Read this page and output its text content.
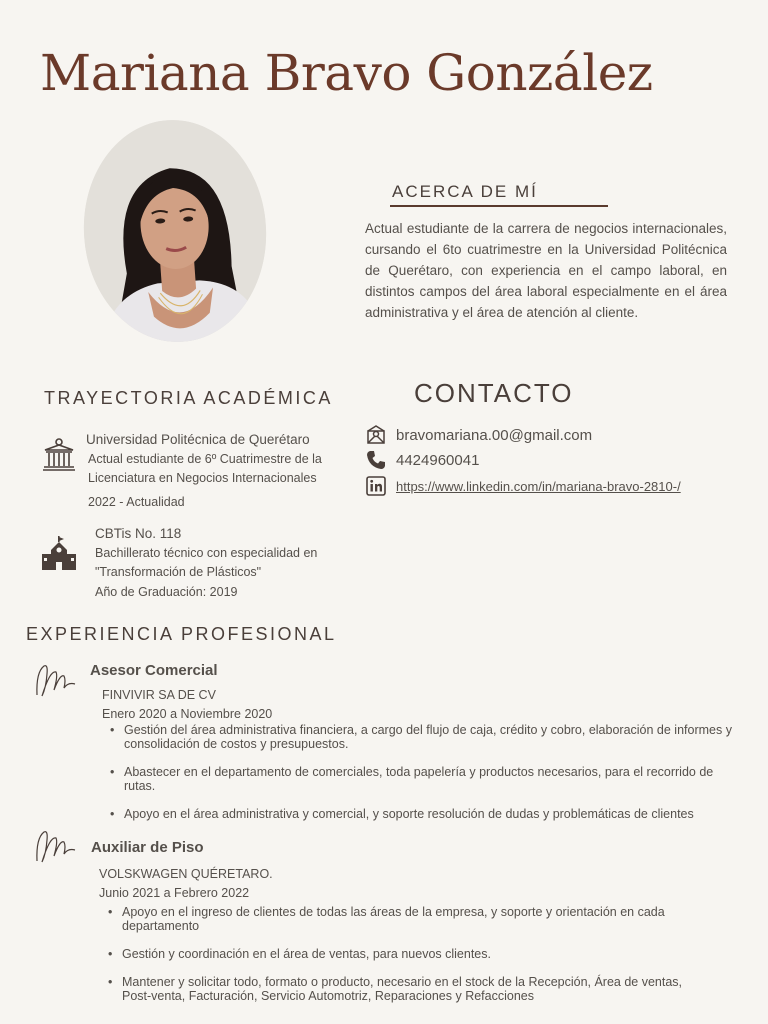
Mariana Bravo González
ACERCA DE MÍ
Actual estudiante de la carrera de negocios internacionales, cursando el 6to cuatrimestre en la Universidad Politécnica de Querétaro, con experiencia en el campo laboral, en distintos campos del área laboral especialmente en el área administrativa y el área de atención al cliente.
TRAYECTORIA ACADÉMICA
Universidad Politécnica de Querétaro
Actual estudiante de 6º Cuatrimestre de la
Licenciatura en Negocios Internacionales
2022 - Actualidad
CBTis No. 118
Bachillerato técnico con especialidad en
"Transformación de Plásticos"
Año de Graduación: 2019
CONTACTO
bravomariana.00@gmail.com
4424960041
https://www.linkedin.com/in/mariana-bravo-2810-/
EXPERIENCIA PROFESIONAL
Asesor Comercial
FINVIVIR SA DE CV
Enero 2020 a Noviembre 2020
• Gestión del área administrativa financiera, a cargo del flujo de caja, crédito y cobro, elaboración de informes y consolidación de costos y presupuestos.
• Abastecer en el departamento de comerciales, toda papelería y productos necesarios, para el recorrido de rutas.
• Apoyo en el área administrativa y comercial, y soporte resolución de dudas y problemáticas de clientes
Auxiliar de Piso
VOLSKWAGEN QUÉRETARO.
Junio 2021 a Febrero 2022
• Apoyo en el ingreso de clientes de todas las áreas de la empresa, y soporte y orientación en cada departamento
• Gestión y coordinación en el área de ventas, para nuevos clientes.
• Mantener y solicitar todo, formato o producto, necesario en el stock de la Recepción, Área de ventas, Post-venta, Facturación, Servicio Automotriz, Reparaciones y Refacciones
